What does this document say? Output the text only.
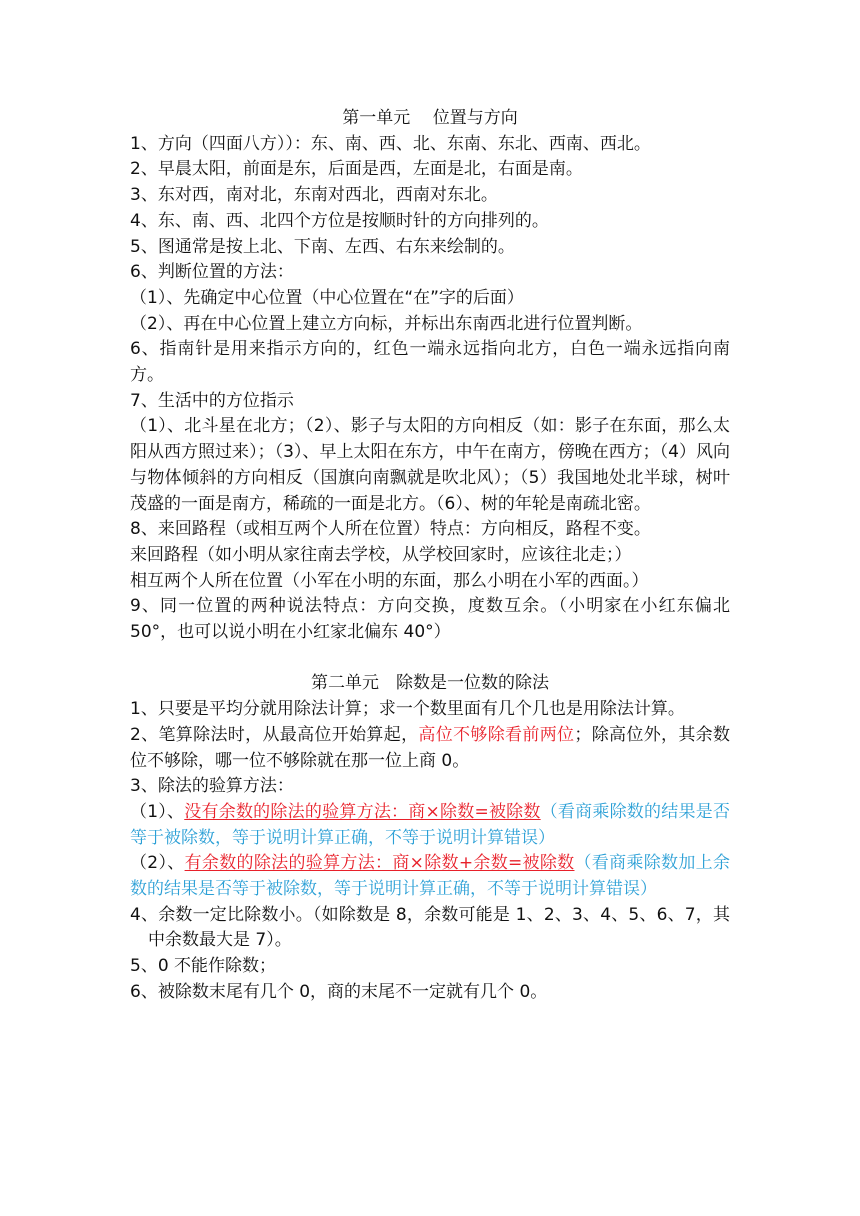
第一单元　 位置与方向

1、方向（四面八方））：东、南、西、北、东南、东北、西南、西北。

2、早晨太阳，前面是东，后面是西，左面是北，右面是南。

3、东对西，南对北，东南对西北，西南对东北。

4、东、南、西、北四个方位是按顺时针的方向排列的。

5、图通常是按上北、下南、左西、右东来绘制的。

6、判断位置的方法：

（1）、先确定中心位置（中心位置在“在”字的后面）

（2）、再在中心位置上建立方向标，并标出东南西北进行位置判断。

6、指南针是用来指示方向的，红色一端永远指向北方，白色一端永远指向南方。

7、生活中的方位指示

（1）、北斗星在北方；（2）、影子与太阳的方向相反（如：影子在东面，那么太阳从西方照过来）；（3）、早上太阳在东方，中午在南方，傍晚在西方；（4）风向与物体倾斜的方向相反（国旗向南飘就是吹北风）；（5）我国地处北半球，树叶茂盛的一面是南方，稀疏的一面是北方。（6）、树的年轮是南疏北密。

8、来回路程（或相互两个人所在位置）特点：方向相反，路程不变。

来回路程（如小明从家往南去学校，从学校回家时，应该往北走；）

相互两个人所在位置（小军在小明的东面，那么小明在小军的西面。）

9、同一位置的两种说法特点：方向交换，度数互余。（小明家在小红东偏北 50°，也可以说小明在小红家北偏东 40°）

第二单元　除数是一位数的除法

1、只要是平均分就用除法计算；求一个数里面有几个几也是用除法计算。

2、笔算除法时，从最高位开始算起，高位不够除看前两位；除高位外，其余数位不够除，哪一位不够除就在那一位上商 0。

3、除法的验算方法：

（1）、没有余数的除法的验算方法：商×除数=被除数（看商乘除数的结果是否等于被除数，等于说明计算正确，不等于说明计算错误）

（2）、有余数的除法的验算方法：商×除数+余数=被除数（看商乘除数加上余数的结果是否等于被除数，等于说明计算正确，不等于说明计算错误）

4、余数一定比除数小。（如除数是 8，余数可能是 1、2、3、4、5、6、7，其中余数最大是 7）。

5、0 不能作除数；

6、被除数末尾有几个 0，商的末尾不一定就有几个 0。
